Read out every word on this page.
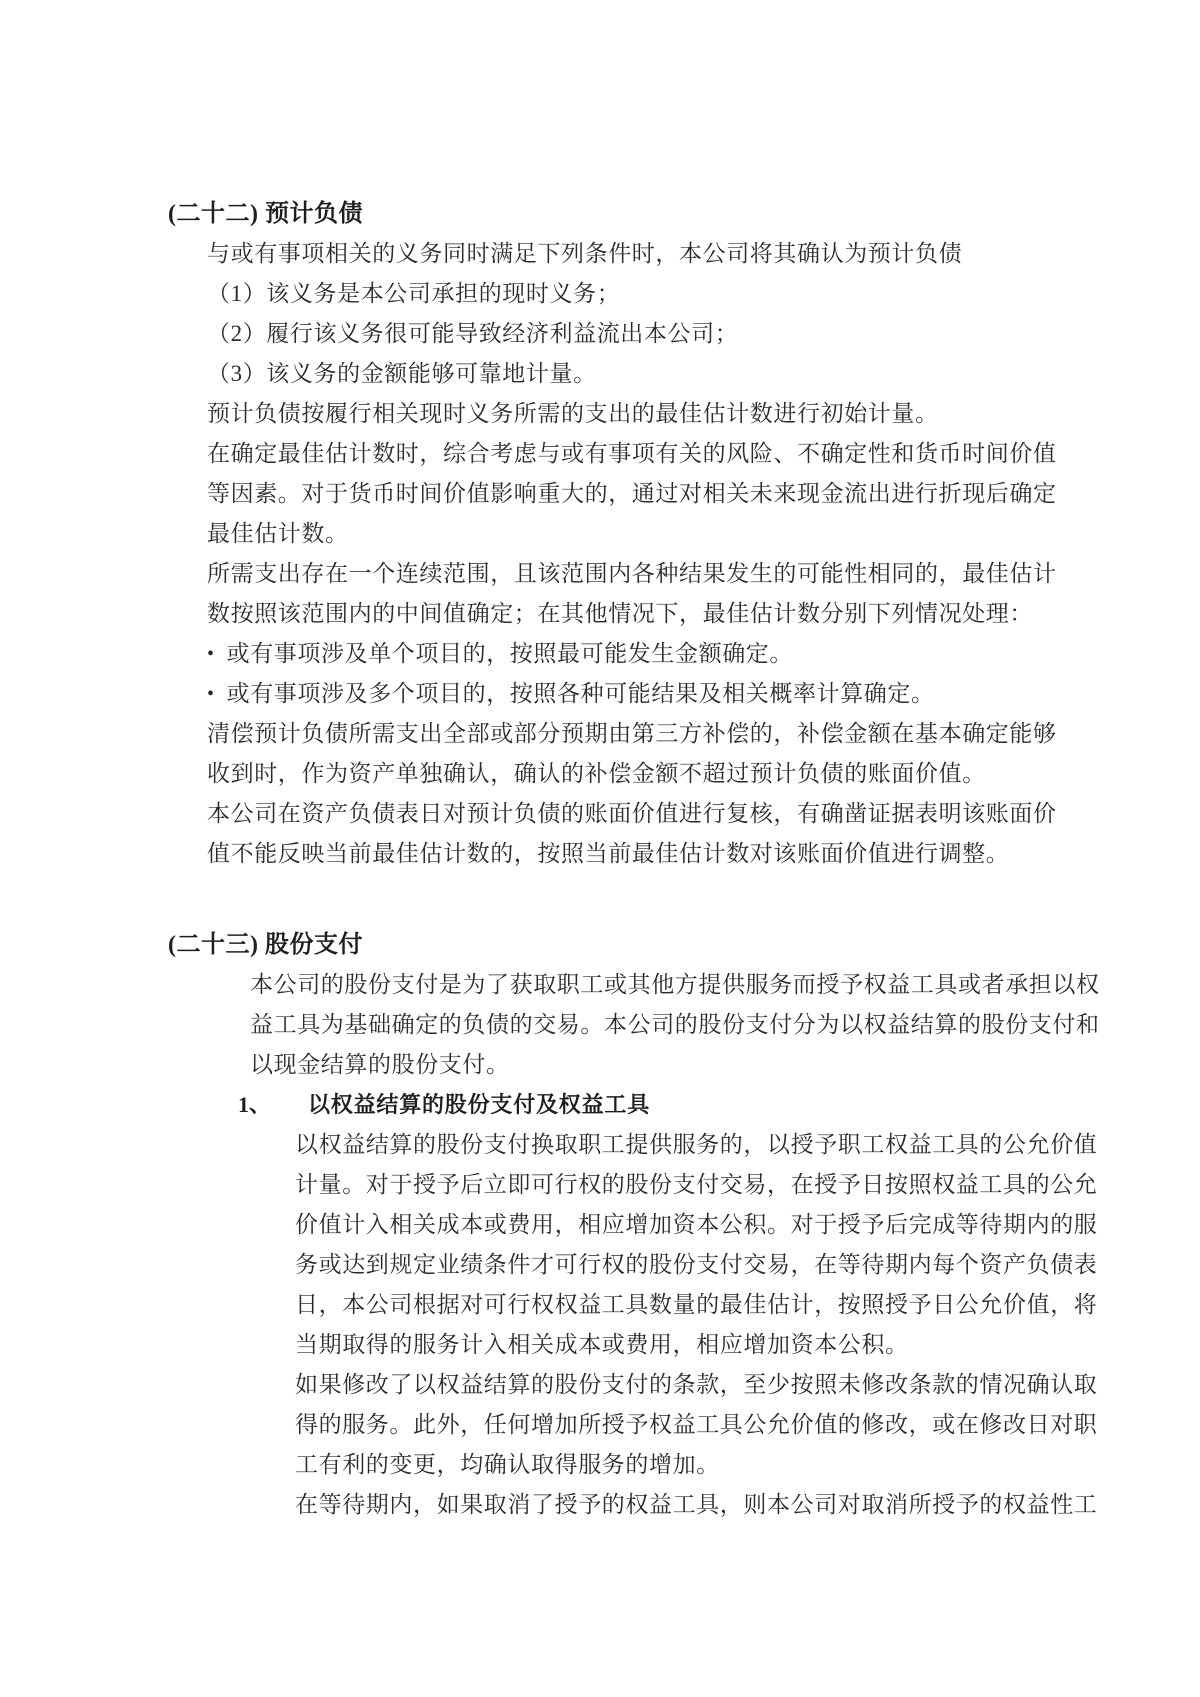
(二十二) 预计负债
与或有事项相关的义务同时满足下列条件时，本公司将其确认为预计负债
（1）该义务是本公司承担的现时义务；
（2）履行该义务很可能导致经济利益流出本公司；
（3）该义务的金额能够可靠地计量。
预计负债按履行相关现时义务所需的支出的最佳估计数进行初始计量。
在确定最佳估计数时，综合考虑与或有事项有关的风险、不确定性和货币时间价值
等因素。对于货币时间价值影响重大的，通过对相关未来现金流出进行折现后确定
最佳估计数。
所需支出存在一个连续范围，且该范围内各种结果发生的可能性相同的，最佳估计
数按照该范围内的中间值确定；在其他情况下，最佳估计数分别下列情况处理：
• 或有事项涉及单个项目的，按照最可能发生金额确定。
• 或有事项涉及多个项目的，按照各种可能结果及相关概率计算确定。
清偿预计负债所需支出全部或部分预期由第三方补偿的，补偿金额在基本确定能够
收到时，作为资产单独确认，确认的补偿金额不超过预计负债的账面价值。
本公司在资产负债表日对预计负债的账面价值进行复核，有确凿证据表明该账面价
值不能反映当前最佳估计数的，按照当前最佳估计数对该账面价值进行调整。
(二十三) 股份支付
本公司的股份支付是为了获取职工或其他方提供服务而授予权益工具或者承担以权
益工具为基础确定的负债的交易。本公司的股份支付分为以权益结算的股份支付和
以现金结算的股份支付。
1、 以权益结算的股份支付及权益工具
以权益结算的股份支付换取职工提供服务的，以授予职工权益工具的公允价值
计量。对于授予后立即可行权的股份支付交易，在授予日按照权益工具的公允
价值计入相关成本或费用，相应增加资本公积。对于授予后完成等待期内的服
务或达到规定业绩条件才可行权的股份支付交易，在等待期内每个资产负债表
日，本公司根据对可行权权益工具数量的最佳估计，按照授予日公允价值，将
当期取得的服务计入相关成本或费用，相应增加资本公积。
如果修改了以权益结算的股份支付的条款，至少按照未修改条款的情况确认取
得的服务。此外，任何增加所授予权益工具公允价值的修改，或在修改日对职
工有利的变更，均确认取得服务的增加。
在等待期内，如果取消了授予的权益工具，则本公司对取消所授予的权益性工
